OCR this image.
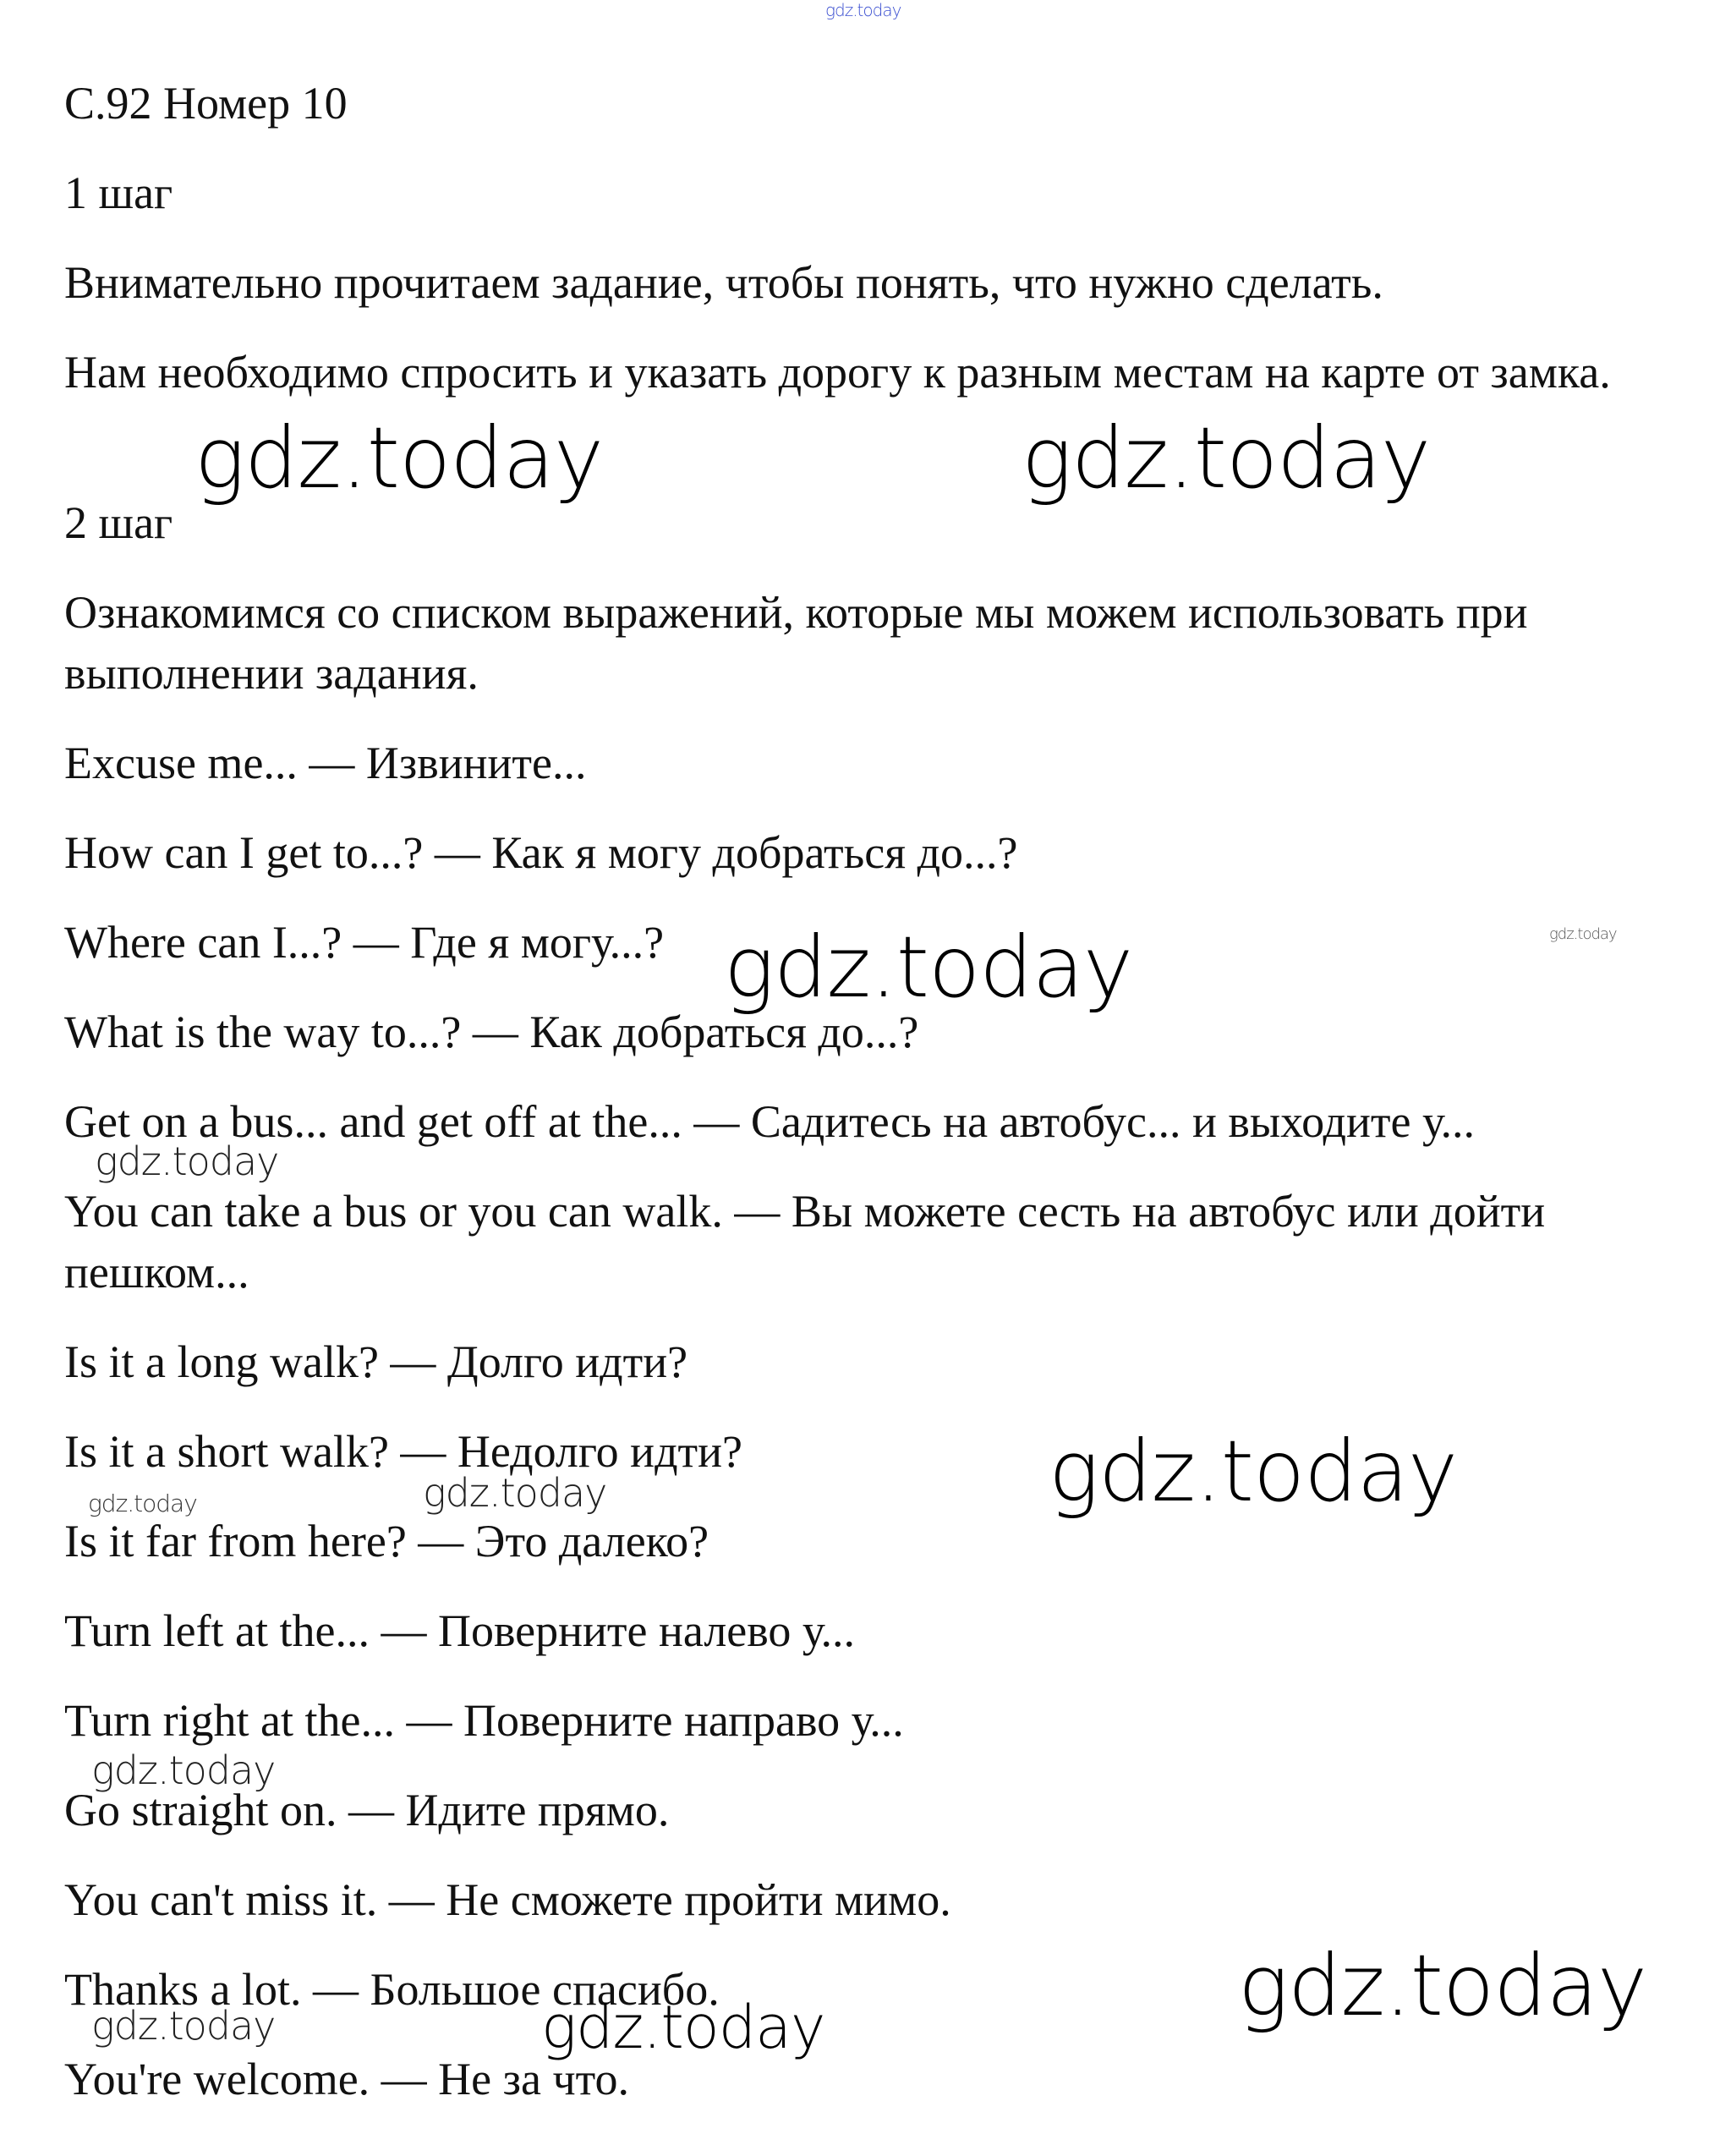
С.92 Номер 10

1 шаг

Внимательно прочитаем задание, чтобы понять, что нужно сделать.

Нам необходимо спросить и указать дорогу к разным местам на карте от замка.

2 шаг

Ознакомимся со списком выражений, которые мы можем использовать при выполнении задания.

Excuse me... — Извините...

How can I get to...? — Как я могу добраться до...?

Where can I...? — Где я могу...?

What is the way to...? — Как добраться до...?

Get on a bus... and get off at the... — Садитесь на автобус... и выходите у...

You can take a bus or you can walk. — Вы можете сесть на автобус или дойти пешком...

Is it a long walk? — Долго идти?

Is it a short walk? — Недолго идти?

Is it far from here? — Это далеко?

Turn left at the... — Поверните налево у...

Turn right at the... — Поверните направо у...

Go straight on. — Идите прямо.

You can't miss it. — Не сможете пройти мимо.

Thanks a lot. — Большое спасибо.

You're welcome. — Не за что.

gdz.today
gdz.today	gdz.today
gdz.today	gdz.today
gdz.today
gdz.today
gdz.today
gdz.today
gdz.today
gdz.today
gdz.today	gdz.today
